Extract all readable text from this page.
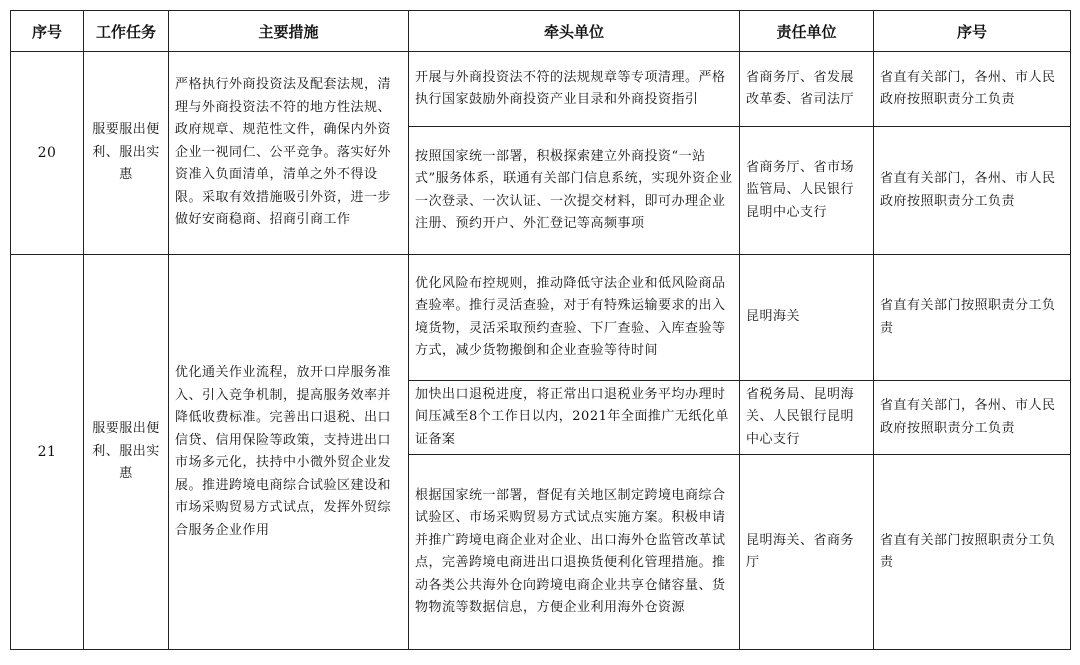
序号	工作任务	主要措施	牵头单位	责任单位	序号
20	服要服出便利、服出实惠	严格执行外商投资法及配套法规，清理与外商投资法不符的地方性法规、政府规章、规范性文件，确保内外资企业一视同仁、公平竞争。落实好外资准入负面清单，清单之外不得设限。采取有效措施吸引外资，进一步做好安商稳商、招商引商工作	开展与外商投资法不符的法规规章等专项清理。严格执行国家鼓励外商投资产业目录和外商投资指引	省商务厅、省发展改革委、省司法厅	省直有关部门，各州、市人民政府按照职责分工负责
			按照国家统一部署，积极探索建立外商投资“一站式”服务体系，联通有关部门信息系统，实现外资企业一次登录、一次认证、一次提交材料，即可办理企业注册、预约开户、外汇登记等高频事项	省商务厅、省市场监管局、人民银行昆明中心支行	省直有关部门，各州、市人民政府按照职责分工负责
21	服要服出便利、服出实惠	优化通关作业流程，放开口岸服务准入、引入竞争机制，提高服务效率并降低收费标准。完善出口退税、出口信贷、信用保险等政策，支持进出口市场多元化，扶持中小微外贸企业发展。推进跨境电商综合试验区建设和市场采购贸易方式试点，发挥外贸综合服务企业作用	优化风险布控规则，推动降低守法企业和低风险商品查验率。推行灵活查验，对于有特殊运输要求的出入境货物，灵活采取预约查验、下厂查验、入库查验等方式，减少货物搬倒和企业查验等待时间	昆明海关	省直有关部门按照职责分工负责
			加快出口退税进度，将正常出口退税业务平均办理时间压减至8个工作日以内，2021年全面推广无纸化单证备案	省税务局、昆明海关、人民银行昆明中心支行	省直有关部门，各州、市人民政府按照职责分工负责
			根据国家统一部署，督促有关地区制定跨境电商综合试验区、市场采购贸易方式试点实施方案。积极申请并推广跨境电商企业对企业、出口海外仓监管改革试点，完善跨境电商进出口退换货便利化管理措施。推动各类公共海外仓向跨境电商企业共享仓储容量、货物物流等数据信息，方便企业利用海外仓资源	昆明海关、省商务厅	省直有关部门按照职责分工负责
